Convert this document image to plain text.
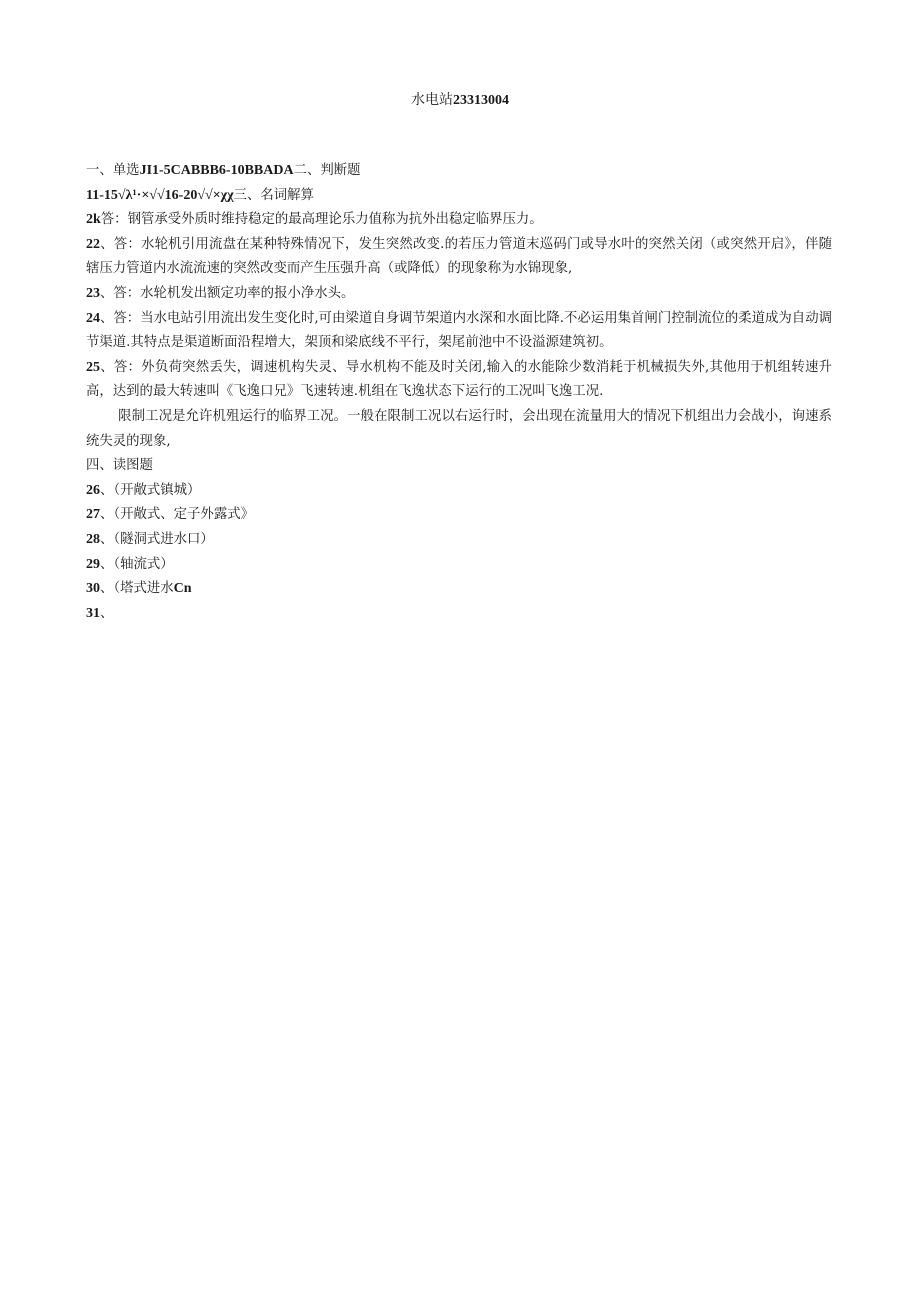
水电站23313004
一、单选JI1-5CABBB6-10BBADA二、判断题
11-15√λ¹·×√√16-20√√×χχ三、名词解算
2k答：钢管承受外质时维持稳定的最高理论乐力值称为抗外出稳定临界压力。
22、答：水轮机引用流盘在某种特殊情况下，发生突然改变.的若压力管道末巡码门或导水叶的突然关闭（或突然开启》，伴随辖压力管道内水流流速的突然改变而产生压强升高（或降低）的现象称为水锦现象,
23、答：水轮机发出额定功率的报小净水头。
24、答：当水电站引用流出发生变化时,可由梁道自身调节架道内水深和水面比降.不必运用集首闸门控制流位的柔道成为自动调节渠道.其特点是渠道断面沿程增大，架顶和梁底线不平行，架尾前池中不设溢源建筑初。
25、答：外负荷突然丢失，调速机构失灵、导水机构不能及时关闭,输入的水能除少数消耗于机械损失外,其他用于机组转速升高，达到的最大转速叫《飞逸口兄》飞速转速.机组在飞逸状态下运行的工况叫飞逸工况.
限制工况是允许机殂运行的临界工况。一般在限制工况以右运行时，会出现在流量用大的情况下机组出力会战小，询速系统失灵的现象,
四、读图题
26、（开敞式镇城）
27、（开敞式、定子外露式》
28、（隧洞式进水口）
29、（轴流式）
30、（塔式进水Cn
31、
